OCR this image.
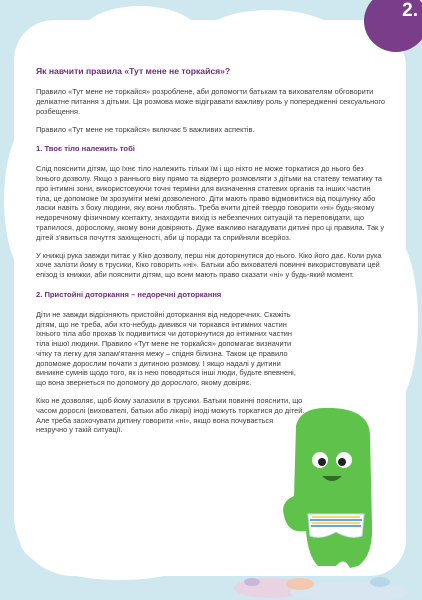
2.
Як навчити правила «Тут мене не торкайся»?

Правило «Тут мене не торкайся» розроблене, аби допомогти батькам та вихователям обговорити делікатне питання з дітьми. Ця розмова може відігравати важливу роль у попередженні сексуального розбещення.

Правило «Тут мене не торкайся» включає 5 важливих аспектів.

1. Твоє тіло належить тобі

Слід пояснити дітям, що їхнє тіло належить тільки їм і що ніхто не може торкатися до нього без їхнього дозволу. Якщо з раннього віку прямо та відверто розмовляти з дітьми на статеву тематику та про інтимні зони, використовуючи точні терміни для визначення статевих органів та інших частин тіла, це допоможе їм зрозуміти межі дозволеного. Діти мають право відмовитися від поцілунку або ласки навіть з боку людини, яку вони люблять. Треба вчити дітей твердо говорити «ні» будь-якому недоречному фізичному контакту, знаходити вихід із небезпечних ситуацій та переповідати, що трапилося, дорослому, якому вони довіряють. Дуже важливо нагадувати дитині про ці правила. Так у дітей з'явиться почуття захищеності, аби ці поради та сприйняли всерйоз.

У книжці рука завжди питає у Кіко дозволу, перш ніж доторкнутися до нього. Кіко його дає. Коли рука хоче залізти йому в трусики, Кіко говорить «ні». Батьки або вихователі повинні використовувати цей епізод із книжки, аби пояснити дітям, що вони мають право сказати «ні» у будь-який момент.

2. Пристойні доторкання – недоречні доторкання

Діти не завжди відрізняють пристойні доторкання від недоречних. Скажіть дітям, що не треба, аби хто-небудь дивився чи торкався інтимних частин їхнього тіла або прохав їх подивитися чи доторкнутися до інтимних частин тіла іншої людини. Правило «Тут мене не торкайся» допомагає визначити чітку та легку для запам'ятання межу – спідня білизна. Також це правило допоможе дорослим почати з дитиною розмову. І якщо надалі у дитини виникне сумнів щодо того, як із нею поводяться інші люди, будьте впевнені, що вона звернеться по допомогу до дорослого, якому довіряє.

Кіко не дозволяє, щоб йому залазили в трусики. Батьки повинні пояснити, що часом дорослі (вихователі, батьки або лікарі) іноді можуть торкатися до дітей. Але треба заохочувати дитину говорити «ні», якщо вона почувається незручно у такій ситуації.
